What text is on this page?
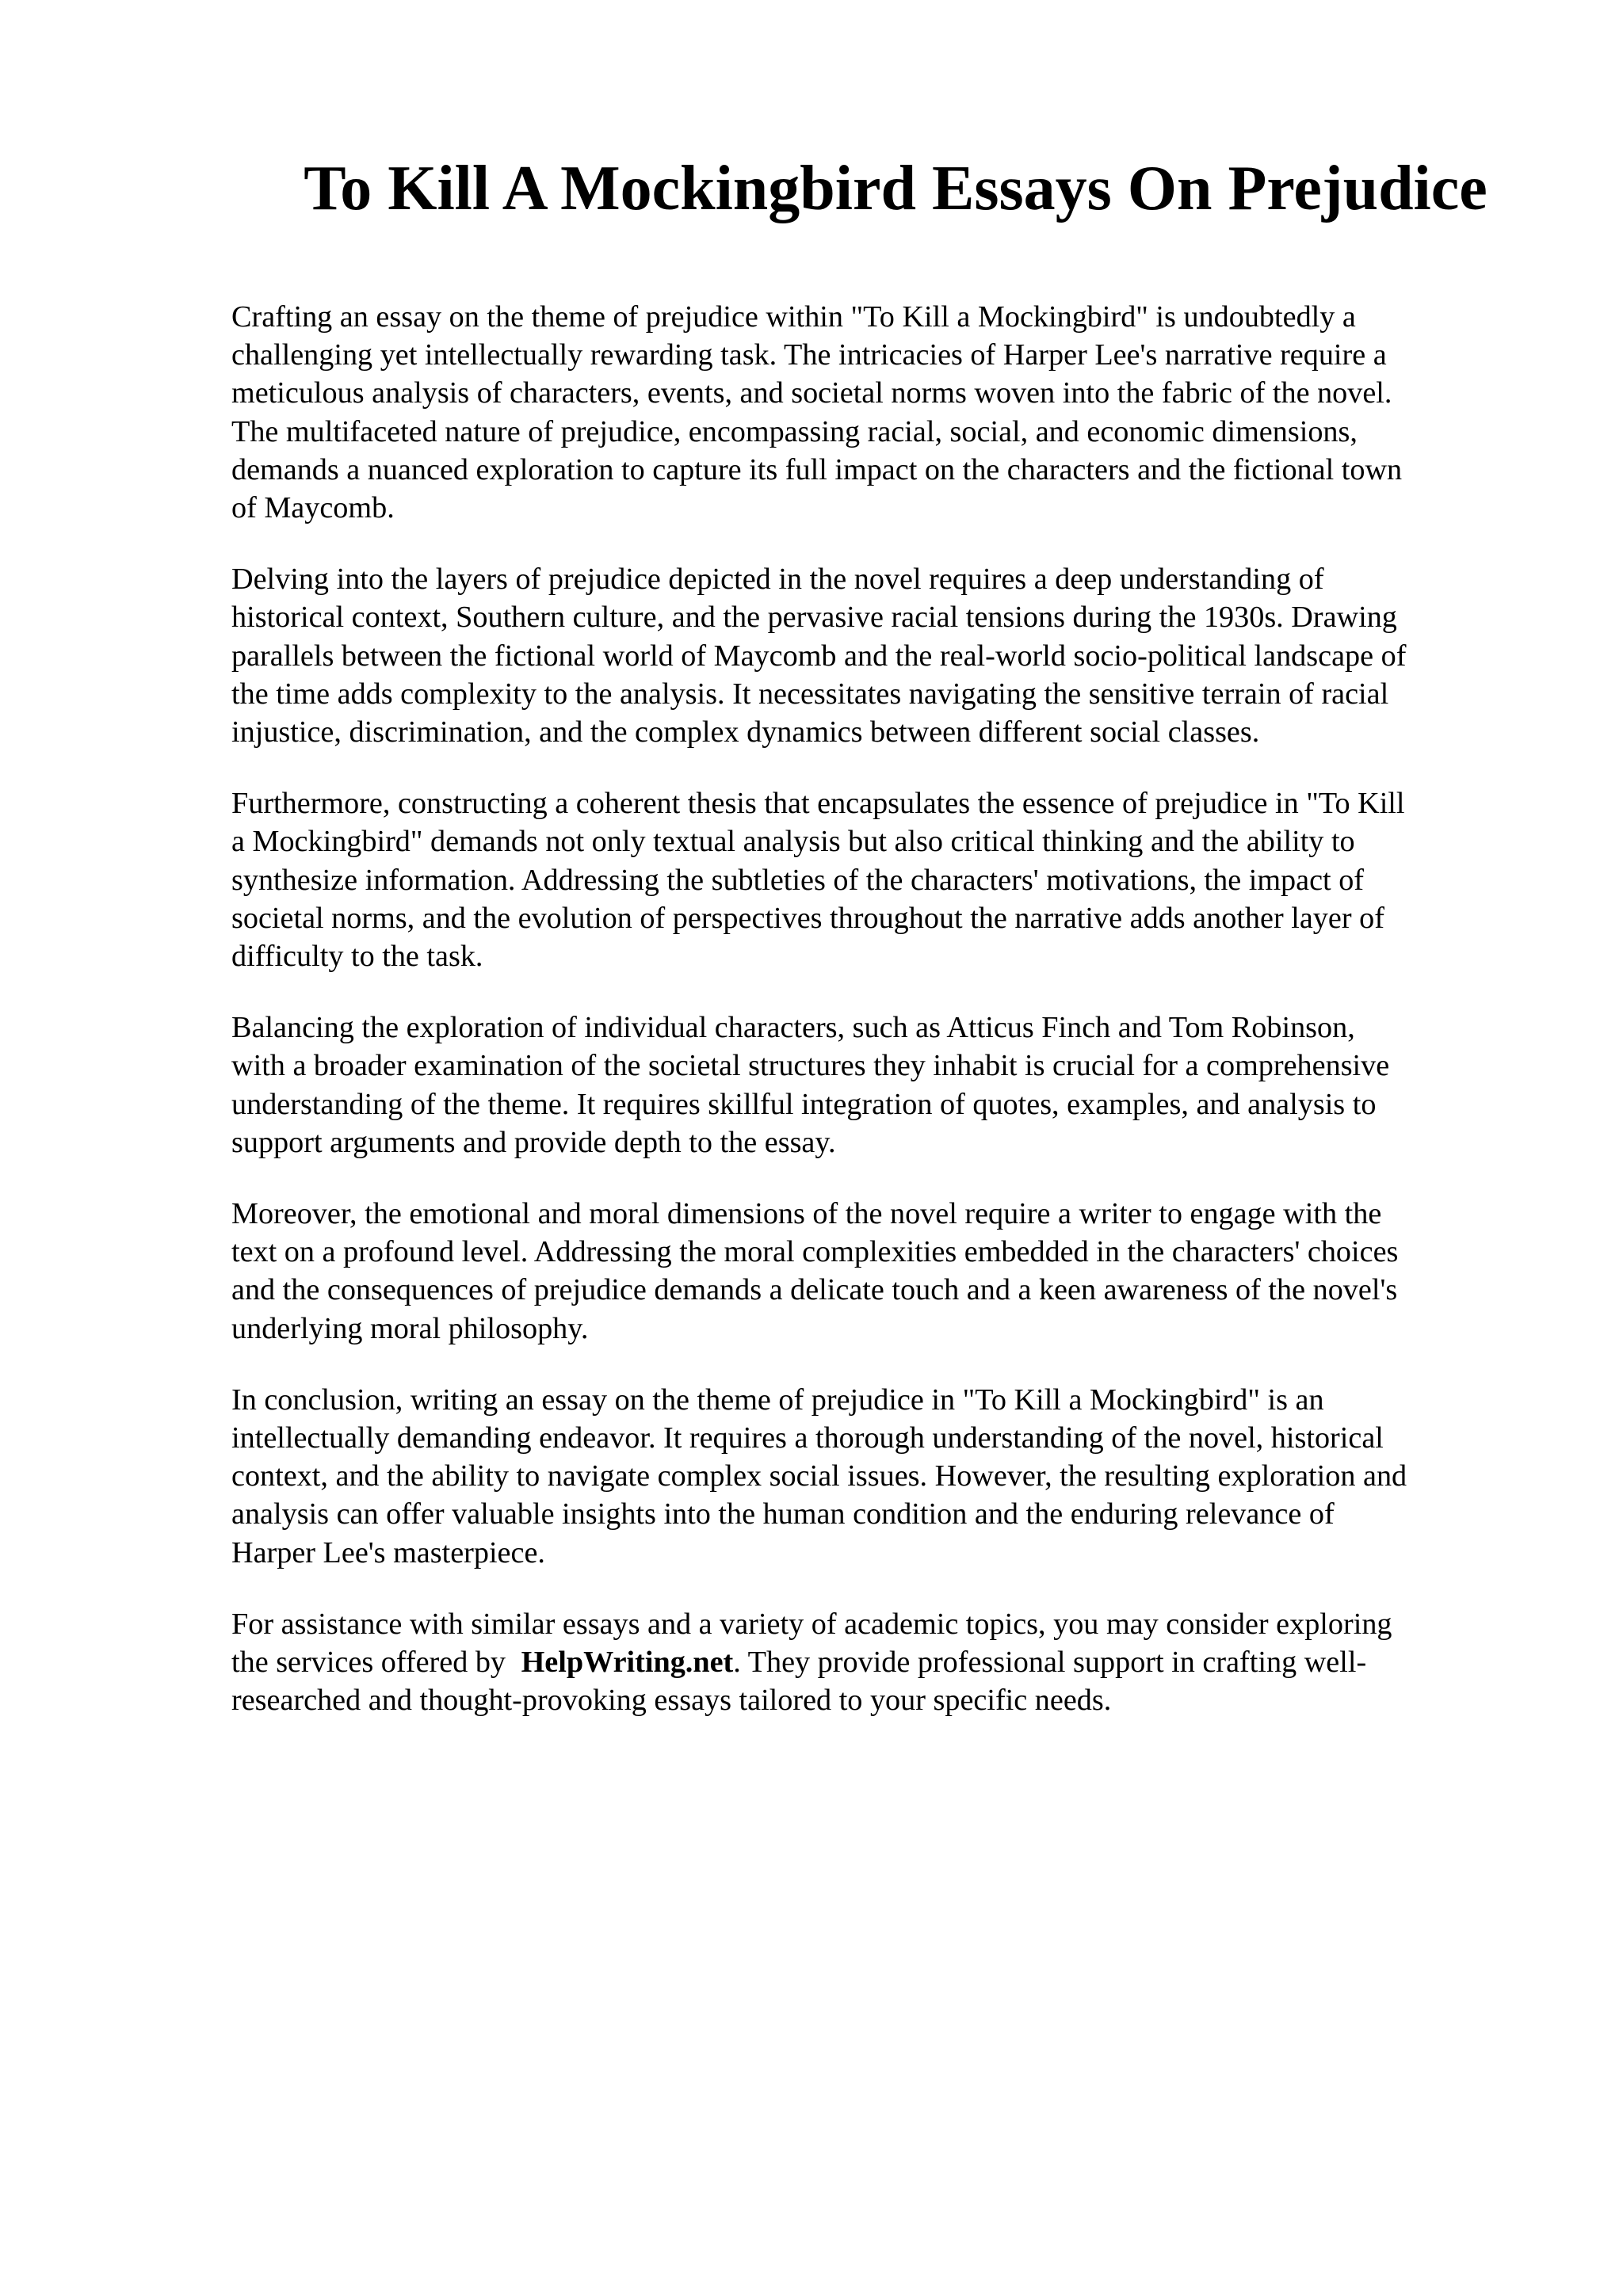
To Kill A Mockingbird Essays On Prejudice

Crafting an essay on the theme of prejudice within "To Kill a Mockingbird" is undoubtedly a
challenging yet intellectually rewarding task. The intricacies of Harper Lee's narrative require a
meticulous analysis of characters, events, and societal norms woven into the fabric of the novel.
The multifaceted nature of prejudice, encompassing racial, social, and economic dimensions,
demands a nuanced exploration to capture its full impact on the characters and the fictional town
of Maycomb.

Delving into the layers of prejudice depicted in the novel requires a deep understanding of
historical context, Southern culture, and the pervasive racial tensions during the 1930s. Drawing
parallels between the fictional world of Maycomb and the real-world socio-political landscape of
the time adds complexity to the analysis. It necessitates navigating the sensitive terrain of racial
injustice, discrimination, and the complex dynamics between different social classes.

Furthermore, constructing a coherent thesis that encapsulates the essence of prejudice in "To Kill
a Mockingbird" demands not only textual analysis but also critical thinking and the ability to
synthesize information. Addressing the subtleties of the characters' motivations, the impact of
societal norms, and the evolution of perspectives throughout the narrative adds another layer of
difficulty to the task.

Balancing the exploration of individual characters, such as Atticus Finch and Tom Robinson,
with a broader examination of the societal structures they inhabit is crucial for a comprehensive
understanding of the theme. It requires skillful integration of quotes, examples, and analysis to
support arguments and provide depth to the essay.

Moreover, the emotional and moral dimensions of the novel require a writer to engage with the
text on a profound level. Addressing the moral complexities embedded in the characters' choices
and the consequences of prejudice demands a delicate touch and a keen awareness of the novel's
underlying moral philosophy.

In conclusion, writing an essay on the theme of prejudice in "To Kill a Mockingbird" is an
intellectually demanding endeavor. It requires a thorough understanding of the novel, historical
context, and the ability to navigate complex social issues. However, the resulting exploration and
analysis can offer valuable insights into the human condition and the enduring relevance of
Harper Lee's masterpiece.

For assistance with similar essays and a variety of academic topics, you may consider exploring
the services offered by HelpWriting.net. They provide professional support in crafting well-
researched and thought-provoking essays tailored to your specific needs.
